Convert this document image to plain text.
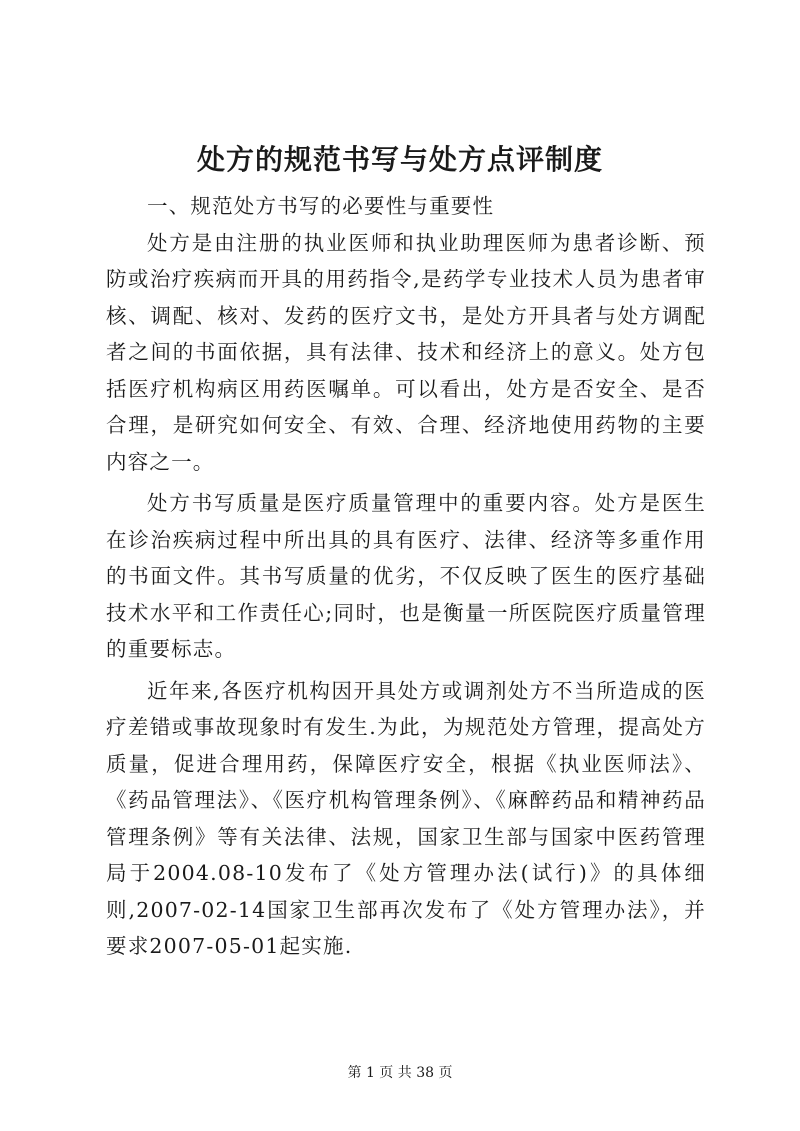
处方的规范书写与处方点评制度

一、规范处方书写的必要性与重要性

处方是由注册的执业医师和执业助理医师为患者诊断、预防或治疗疾病而开具的用药指令,是药学专业技术人员为患者审核、调配、核对、发药的医疗文书，是处方开具者与处方调配者之间的书面依据，具有法律、技术和经济上的意义。处方包括医疗机构病区用药医嘱单。可以看出，处方是否安全、是否合理，是研究如何安全、有效、合理、经济地使用药物的主要内容之一。

处方书写质量是医疗质量管理中的重要内容。处方是医生在诊治疾病过程中所出具的具有医疗、法律、经济等多重作用的书面文件。其书写质量的优劣，不仅反映了医生的医疗基础技术水平和工作责任心;同时，也是衡量一所医院医疗质量管理的重要标志。

近年来,各医疗机构因开具处方或调剂处方不当所造成的医疗差错或事故现象时有发生.为此，为规范处方管理，提高处方质量，促进合理用药，保障医疗安全，根据《执业医师法》、《药品管理法》、《医疗机构管理条例》、《麻醉药品和精神药品管理条例》等有关法律、法规，国家卫生部与国家中医药管理局于2004.08-10发布了《处方管理办法(试行)》的具体细则,2007-02-14国家卫生部再次发布了《处方管理办法》，并要求2007-05-01起实施.

第 1 页 共 38 页
